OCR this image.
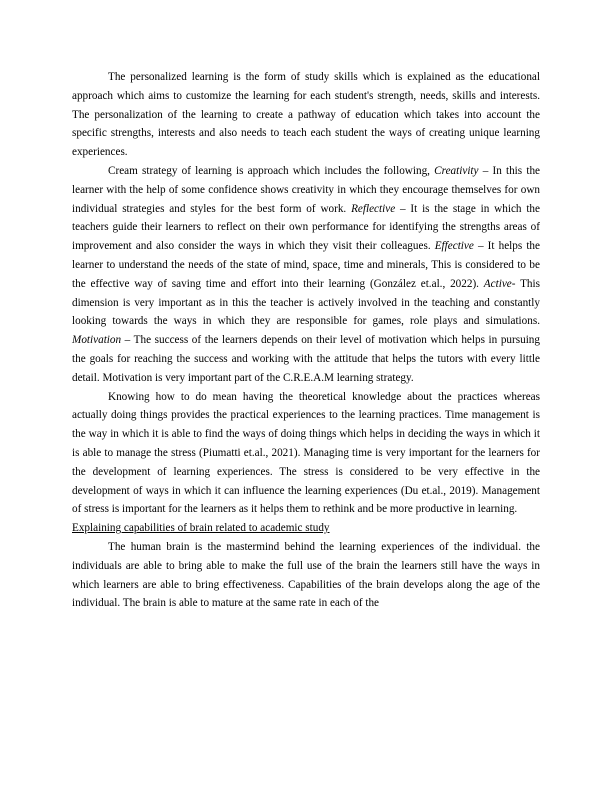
The personalized learning is the form of study skills which is explained as the educational approach which aims to customize the learning for each student's strength, needs, skills and interests. The personalization of the learning to create a pathway of education which takes into account the specific strengths, interests and also needs to teach each student the ways of creating unique learning experiences.

Cream strategy of learning is approach which includes the following, Creativity – In this the learner with the help of some confidence shows creativity in which they encourage themselves for own individual strategies and styles for the best form of work. Reflective – It is the stage in which the teachers guide their learners to reflect on their own performance for identifying the strengths areas of improvement and also consider the ways in which they visit their colleagues. Effective – It helps the learner to understand the needs of the state of mind, space, time and minerals, This is considered to be the effective way of saving time and effort into their learning (González et.al., 2022). Active- This dimension is very important as in this the teacher is actively involved in the teaching and constantly looking towards the ways in which they are responsible for games, role plays and simulations. Motivation – The success of the learners depends on their level of motivation which helps in pursuing the goals for reaching the success and working with the attitude that helps the tutors with every little detail. Motivation is very important part of the C.R.E.A.M learning strategy.

Knowing how to do mean having the theoretical knowledge about the practices whereas actually doing things provides the practical experiences to the learning practices. Time management is the way in which it is able to find the ways of doing things which helps in deciding the ways in which it is able to manage the stress (Piumatti et.al., 2021). Managing time is very important for the learners for the development of learning experiences. The stress is considered to be very effective in the development of ways in which it can influence the learning experiences (Du et.al., 2019). Management of stress is important for the learners as it helps them to rethink and be more productive in learning.

Explaining capabilities of brain related to academic study

The human brain is the mastermind behind the learning experiences of the individual. the individuals are able to bring able to make the full use of the brain the learners still have the ways in which learners are able to bring effectiveness. Capabilities of the brain develops along the age of the individual. The brain is able to mature at the same rate in each of the
